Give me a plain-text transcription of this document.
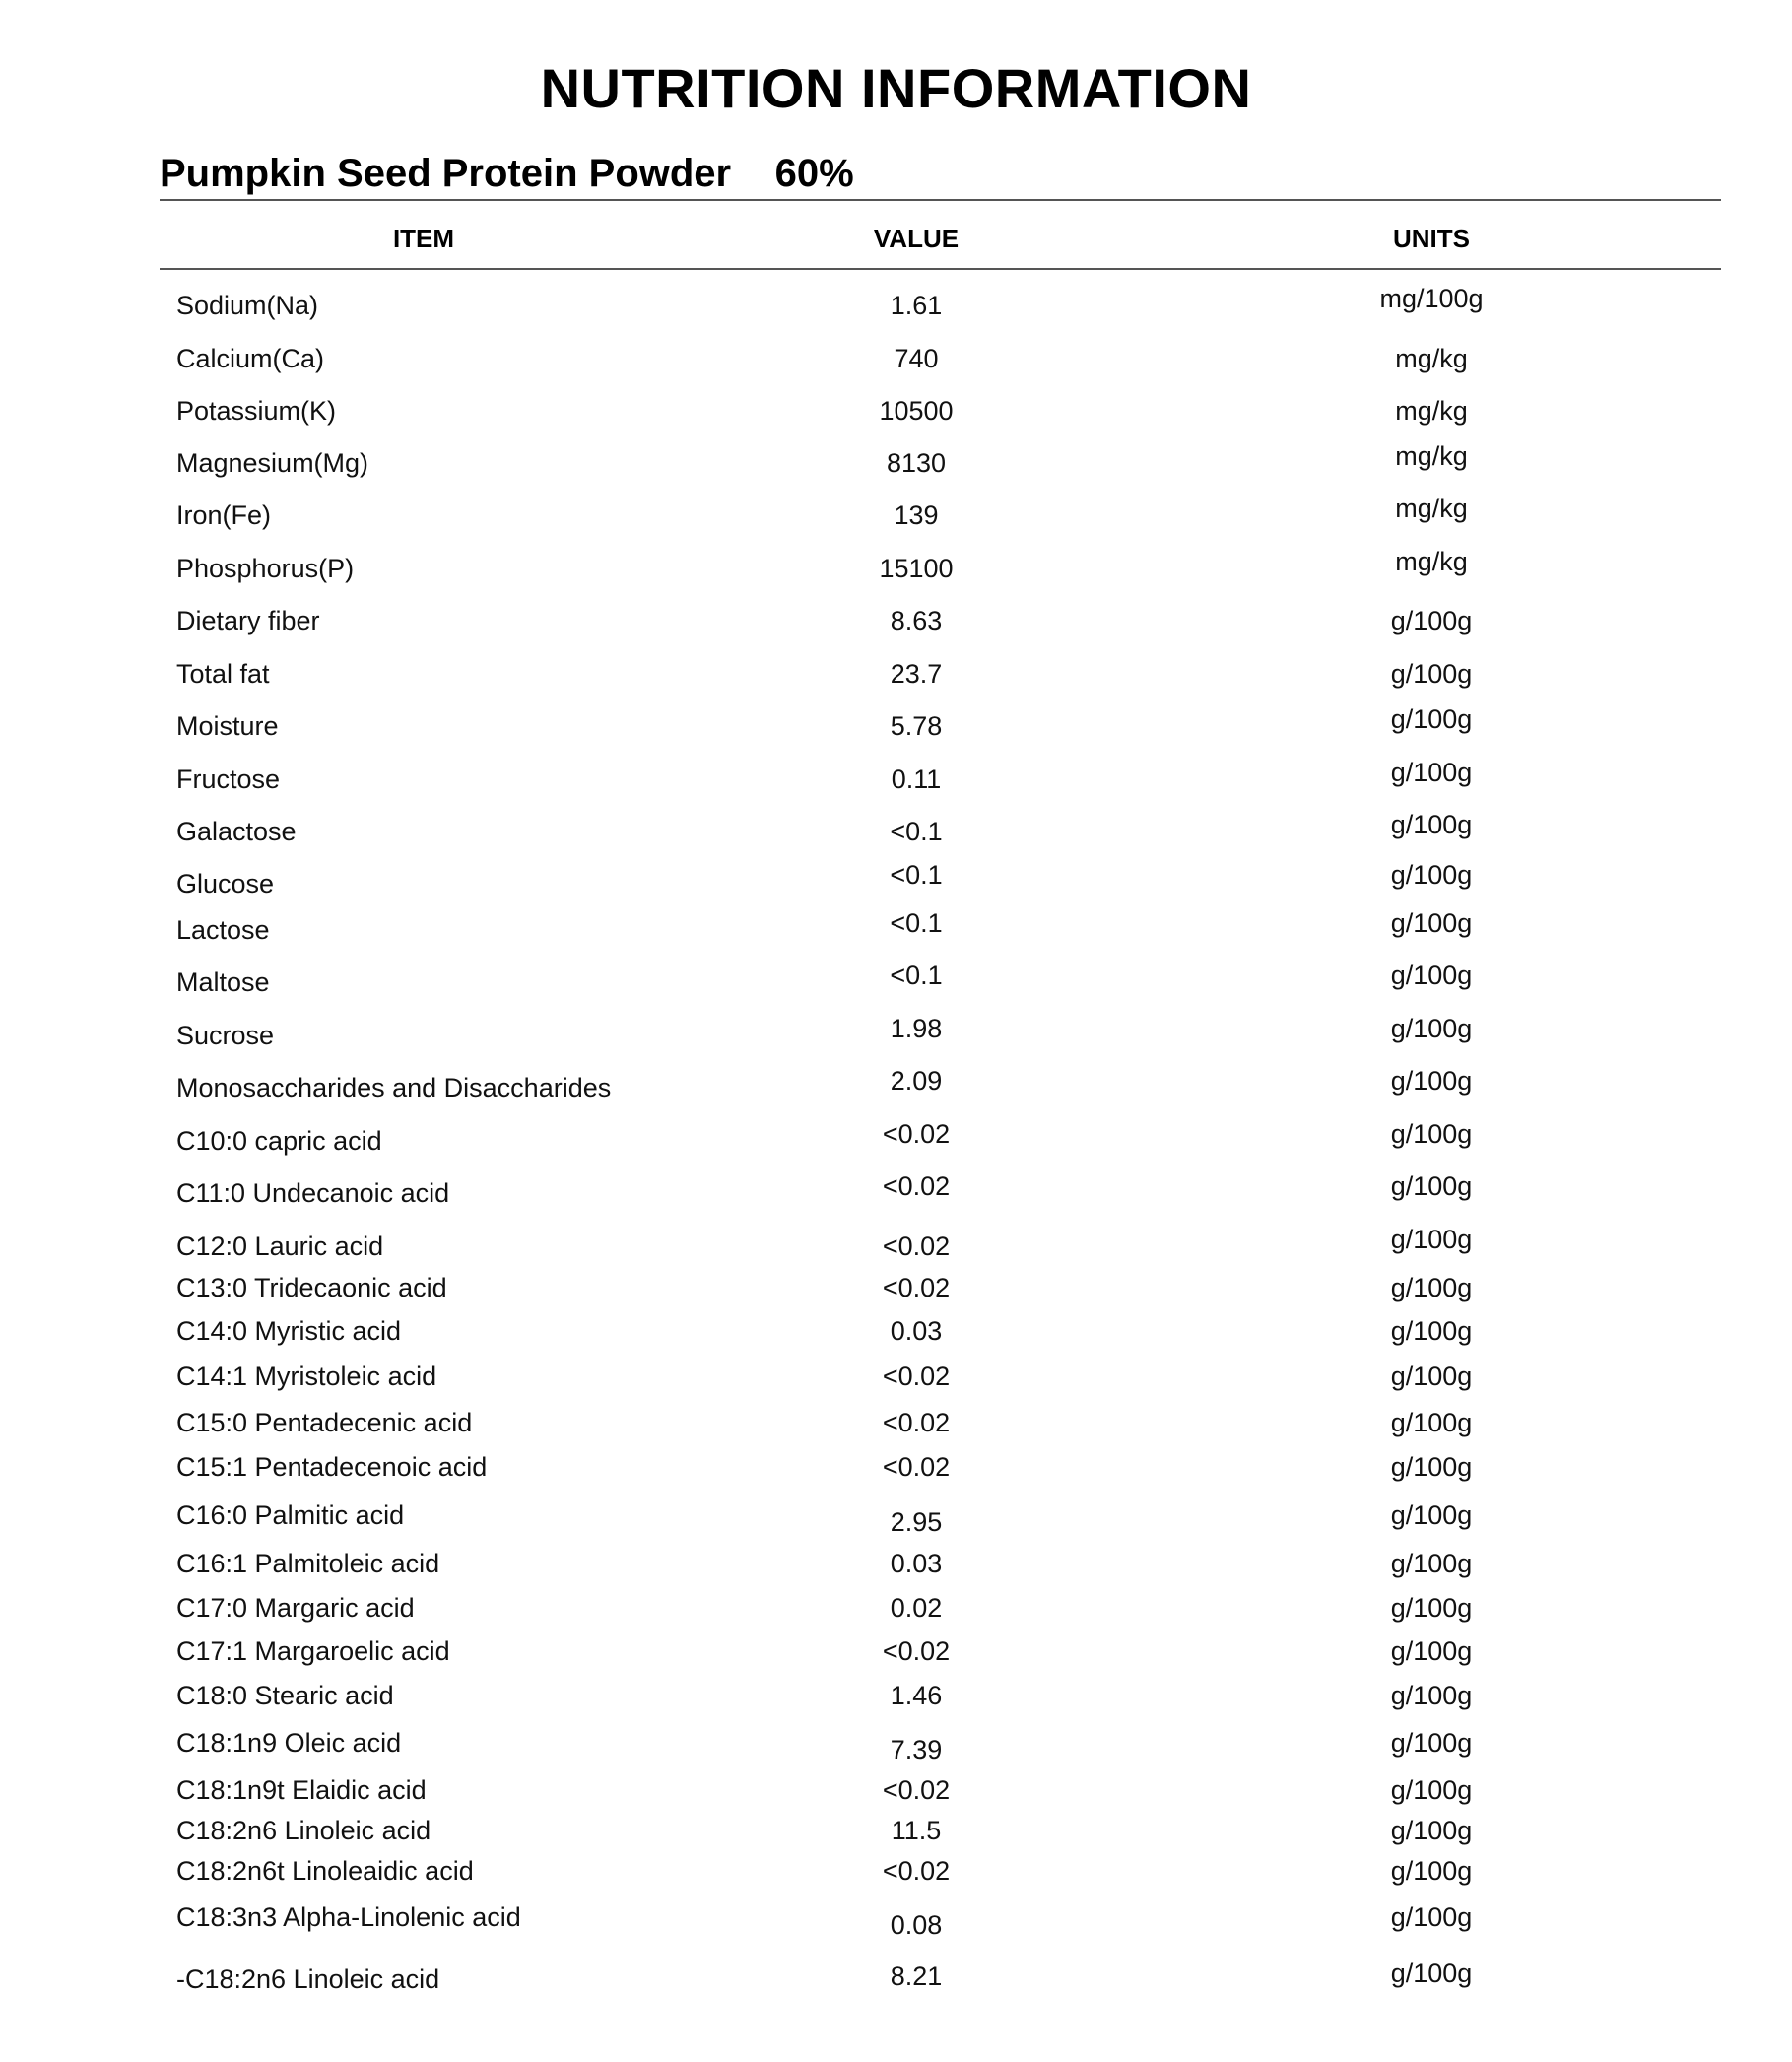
NUTRITION INFORMATION
Pumpkin Seed Protein Powder    60%
ITEM	VALUE	UNITS
Sodium(Na)	1.61	mg/100g
Calcium(Ca)	740	mg/kg
Potassium(K)	10500	mg/kg
Magnesium(Mg)	8130	mg/kg
Iron(Fe)	139	mg/kg
Phosphorus(P)	15100	mg/kg
Dietary fiber	8.63	g/100g
Total fat	23.7	g/100g
Moisture	5.78	g/100g
Fructose	0.11	g/100g
Galactose	<0.1	g/100g
Glucose	<0.1	g/100g
Lactose	<0.1	g/100g
Maltose	<0.1	g/100g
Sucrose	1.98	g/100g
Monosaccharides and Disaccharides	2.09	g/100g
C10:0 capric acid	<0.02	g/100g
C11:0 Undecanoic acid	<0.02	g/100g
C12:0 Lauric acid	<0.02	g/100g
C13:0 Tridecaonic acid	<0.02	g/100g
C14:0 Myristic acid	0.03	g/100g
C14:1 Myristoleic acid	<0.02	g/100g
C15:0 Pentadecenic acid	<0.02	g/100g
C15:1 Pentadecenoic acid	<0.02	g/100g
C16:0 Palmitic acid	2.95	g/100g
C16:1 Palmitoleic acid	0.03	g/100g
C17:0 Margaric acid	0.02	g/100g
C17:1 Margaroelic acid	<0.02	g/100g
C18:0 Stearic acid	1.46	g/100g
C18:1n9 Oleic acid	7.39	g/100g
C18:1n9t Elaidic acid	<0.02	g/100g
C18:2n6 Linoleic acid	11.5	g/100g
C18:2n6t Linoleaidic acid	<0.02	g/100g
C18:3n3 Alpha-Linolenic acid	0.08	g/100g
-C18:2n6 Linoleic acid	8.21	g/100g
